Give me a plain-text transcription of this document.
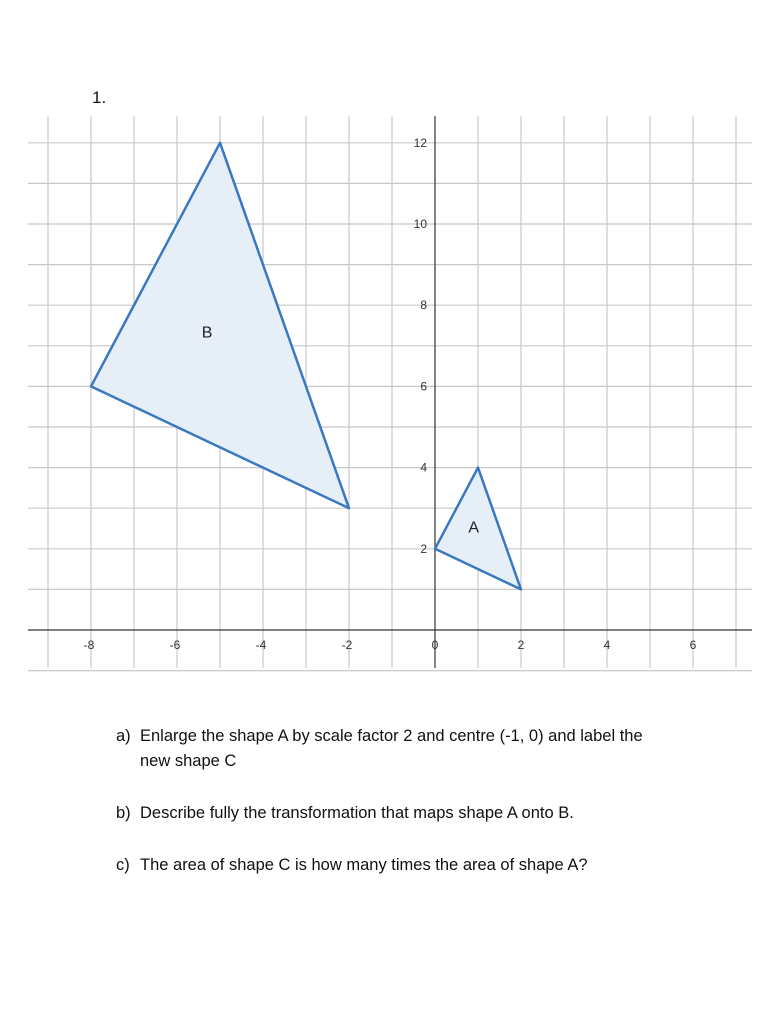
1.
A
B
-8	-6	-4	-2	0	2	4	6
2
4
6
8
10
12
a) Enlarge the shape A by scale factor 2 and centre (-1, 0) and label the new shape C
b) Describe fully the transformation that maps shape A onto B.
c) The area of shape C is how many times the area of shape A?
